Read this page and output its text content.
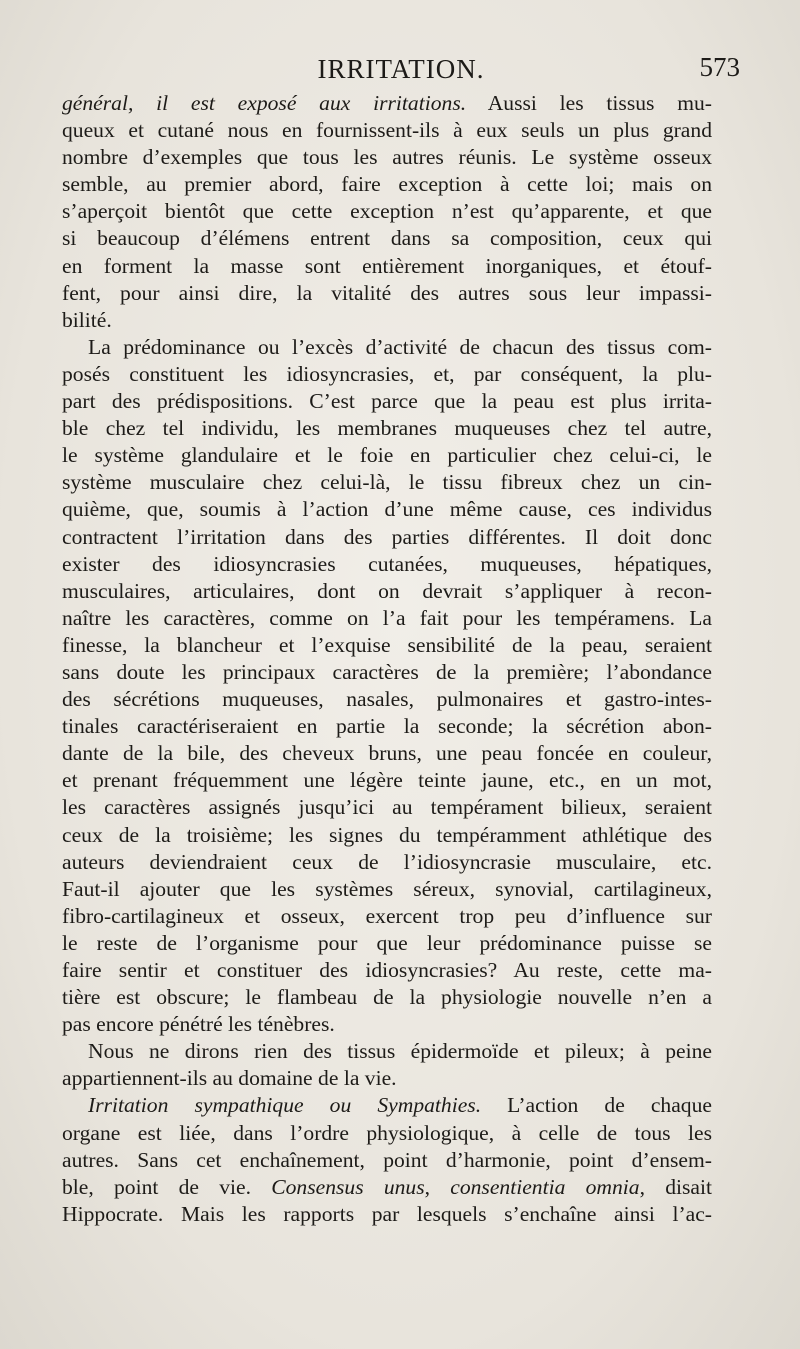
IRRITATION.	573
général, il est exposé aux irritations. Aussi les tissus mu-
queux et cutané nous en fournissent-ils à eux seuls un plus grand
nombre d’exemples que tous les autres réunis. Le système osseux
semble, au premier abord, faire exception à cette loi; mais on
s’aperçoit bientôt que cette exception n’est qu’apparente, et que
si beaucoup d’élémens entrent dans sa composition, ceux qui
en forment la masse sont entièrement inorganiques, et étouf-
fent, pour ainsi dire, la vitalité des autres sous leur impassi-
bilité.
La prédominance ou l’excès d’activité de chacun des tissus com-
posés constituent les idiosyncrasies, et, par conséquent, la plu-
part des prédispositions. C’est parce que la peau est plus irrita-
ble chez tel individu, les membranes muqueuses chez tel autre,
le système glandulaire et le foie en particulier chez celui-ci, le
système musculaire chez celui-là, le tissu fibreux chez un cin-
quième, que, soumis à l’action d’une même cause, ces individus
contractent l’irritation dans des parties différentes. Il doit donc
exister des idiosyncrasies cutanées, muqueuses, hépatiques,
musculaires, articulaires, dont on devrait s’appliquer à recon-
naître les caractères, comme on l’a fait pour les tempéramens. La
finesse, la blancheur et l’exquise sensibilité de la peau, seraient
sans doute les principaux caractères de la première; l’abondance
des sécrétions muqueuses, nasales, pulmonaires et gastro-intes-
tinales caractériseraient en partie la seconde; la sécrétion abon-
dante de la bile, des cheveux bruns, une peau foncée en couleur,
et prenant fréquemment une légère teinte jaune, etc., en un mot,
les caractères assignés jusqu’ici au tempérament bilieux, seraient
ceux de la troisième; les signes du tempéramment athlétique des
auteurs deviendraient ceux de l’idiosyncrasie musculaire, etc.
Faut-il ajouter que les systèmes séreux, synovial, cartilagineux,
fibro-cartilagineux et osseux, exercent trop peu d’influence sur
le reste de l’organisme pour que leur prédominance puisse se
faire sentir et constituer des idiosyncrasies? Au reste, cette ma-
tière est obscure; le flambeau de la physiologie nouvelle n’en a
pas encore pénétré les ténèbres.
Nous ne dirons rien des tissus épidermoïde et pileux; à peine
appartiennent-ils au domaine de la vie.
Irritation sympathique ou Sympathies. L’action de chaque
organe est liée, dans l’ordre physiologique, à celle de tous les
autres. Sans cet enchaînement, point d’harmonie, point d’ensem-
ble, point de vie. Consensus unus, consentientia omnia, disait
Hippocrate. Mais les rapports par lesquels s’enchaîne ainsi l’ac-
